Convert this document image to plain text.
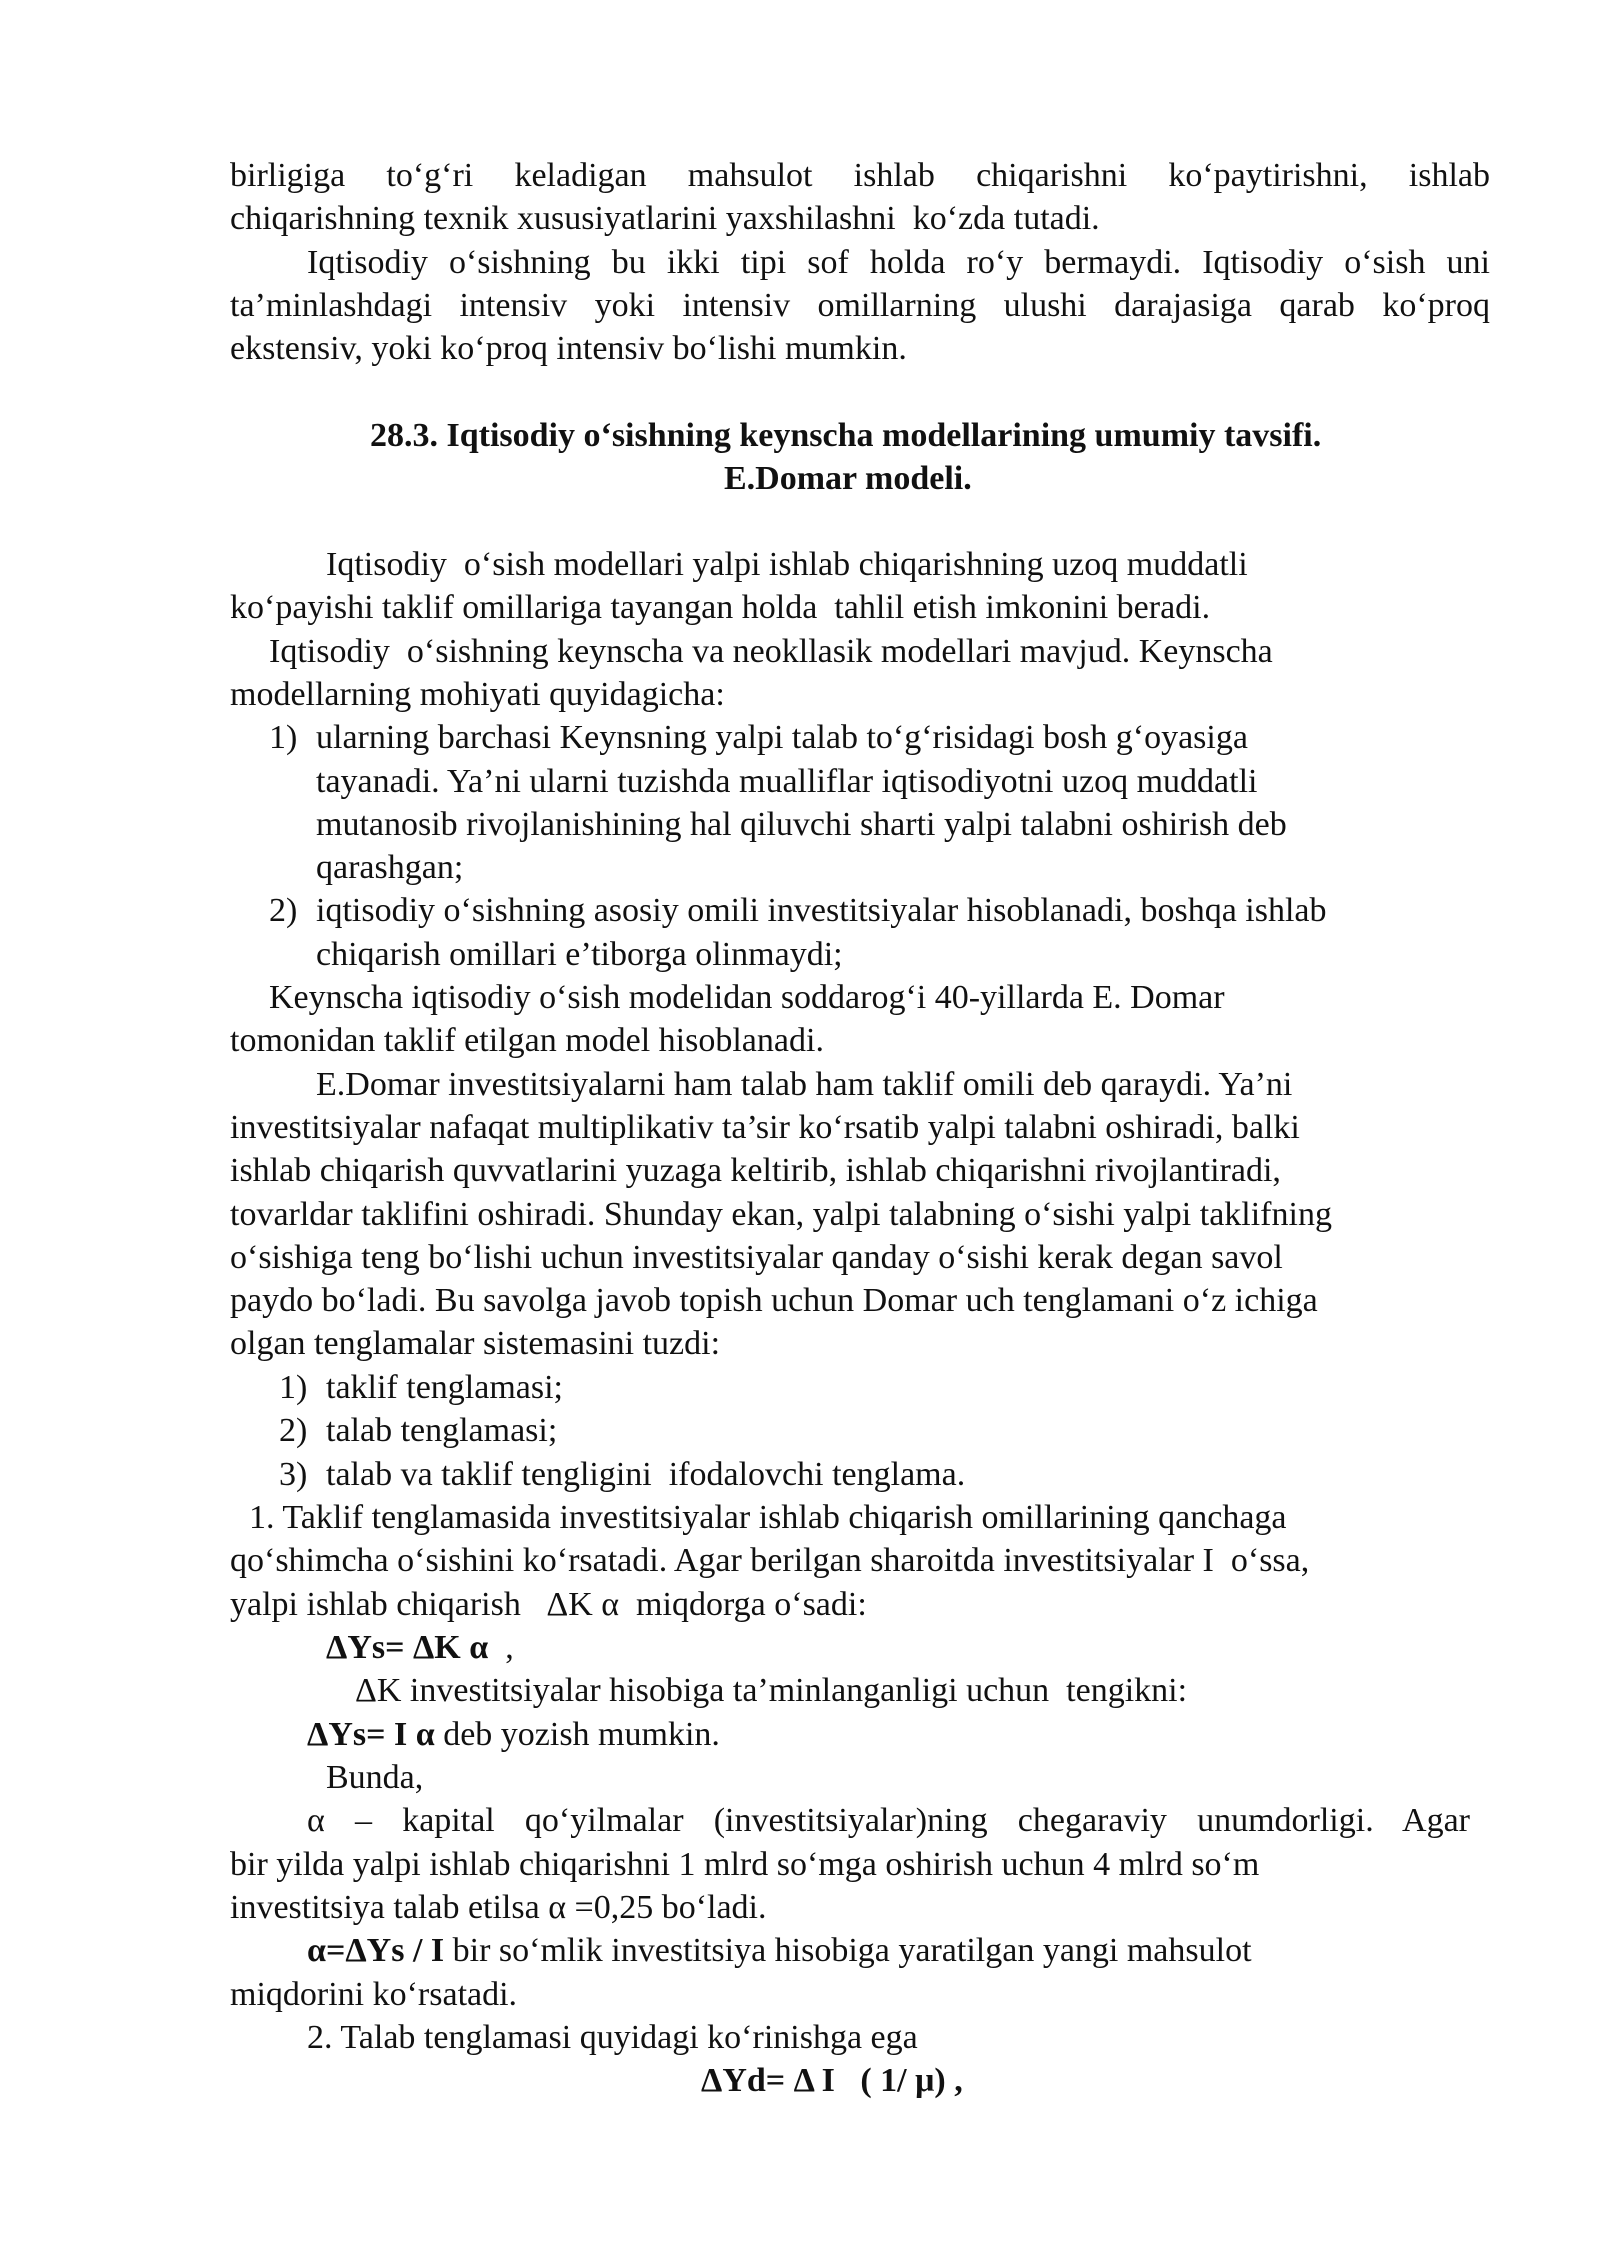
birligiga to‘g‘ri keladigan mahsulot ishlab chiqarishni ko‘paytirishni, ishlab
chiqarishning texnik xususiyatlarini yaxshilashni  ko‘zda tutadi.
Iqtisodiy o‘sishning bu ikki tipi sof holda ro‘y bermaydi. Iqtisodiy o‘sish uni
ta’minlashdagi intensiv yoki intensiv omillarning ulushi darajasiga qarab ko‘proq
ekstensiv, yoki ko‘proq intensiv bo‘lishi mumkin.
28.3. Iqtisodiy o‘sishning keynscha modellarining umumiy tavsifi.
E.Domar modeli.
Iqtisodiy  o‘sish modellari yalpi ishlab chiqarishning uzoq muddatli
ko‘payishi taklif omillariga tayangan holda  tahlil etish imkonini beradi.
Iqtisodiy  o‘sishning keynscha va neokllasik modellari mavjud. Keynscha
modellarning mohiyati quyidagicha:
1) ularning barchasi Keynsning yalpi talab to‘g‘risidagi bosh g‘oyasiga
tayanadi. Ya’ni ularni tuzishda mualliflar iqtisodiyotni uzoq muddatli
mutanosib rivojlanishining hal qiluvchi sharti yalpi talabni oshirish deb
qarashgan;
2) iqtisodiy o‘sishning asosiy omili investitsiyalar hisoblanadi, boshqa ishlab
chiqarish omillari e’tiborga olinmaydi;
Keynscha iqtisodiy o‘sish modelidan soddarog‘i 40-yillarda E. Domar
tomonidan taklif etilgan model hisoblanadi.
E.Domar investitsiyalarni ham talab ham taklif omili deb qaraydi. Ya’ni
investitsiyalar nafaqat multiplikativ ta’sir ko‘rsatib yalpi talabni oshiradi, balki
ishlab chiqarish quvvatlarini yuzaga keltirib, ishlab chiqarishni rivojlantiradi,
tovarldar taklifini oshiradi. Shunday ekan, yalpi talabning o‘sishi yalpi taklifning
o‘sishiga teng bo‘lishi uchun investitsiyalar qanday o‘sishi kerak degan savol
paydo bo‘ladi. Bu savolga javob topish uchun Domar uch tenglamani o‘z ichiga
olgan tenglamalar sistemasini tuzdi:
1) taklif tenglamasi;
2) talab tenglamasi;
3) talab va taklif tengligini  ifodalovchi tenglama.
1. Taklif tenglamasida investitsiyalar ishlab chiqarish omillarining qanchaga
qo‘shimcha o‘sishini ko‘rsatadi. Agar berilgan sharoitda investitsiyalar I  o‘ssa,
yalpi ishlab chiqarish   ΔK α  miqdorga o‘sadi:
ΔYs= ΔK α  ,
ΔK investitsiyalar hisobiga ta’minlanganligi uchun  tengikni:
ΔYs= I α deb yozish mumkin.
Bunda,
α – kapital qo‘yilmalar (investitsiyalar)ning chegaraviy unumdorligi. Agar
bir yilda yalpi ishlab chiqarishni 1 mlrd so‘mga oshirish uchun 4 mlrd so‘m
investitsiya talab etilsa α =0,25 bo‘ladi.
α=ΔYs / I bir so‘mlik investitsiya hisobiga yaratilgan yangi mahsulot
miqdorini ko‘rsatadi.
2. Talab tenglamasi quyidagi ko‘rinishga ega
ΔYd= Δ I   ( 1/ μ) ,
